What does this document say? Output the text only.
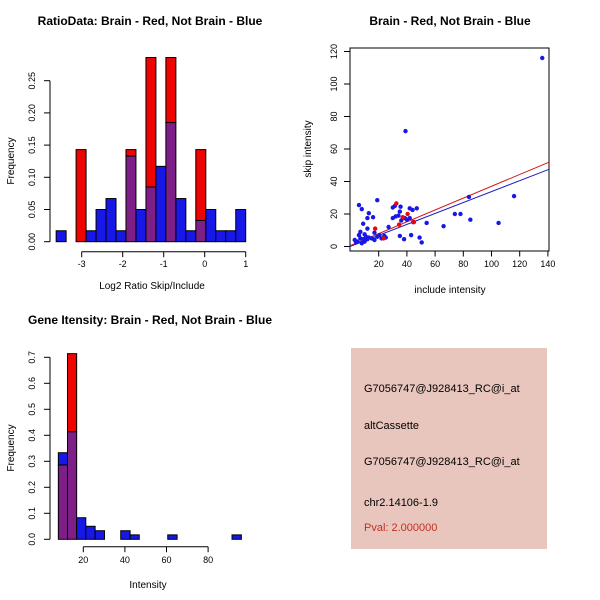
RatioData: Brain - Red, Not Brain - Blue
Frequency
Log2 Ratio Skip/Include
0.00
0.05
0.10
0.15
0.20
0.25
-3	-2	-1	0	1
Brain - Red, Not Brain - Blue
skip intensity
include intensity
0
20
40
60
80
100
120
20 40 60 80 100 120 140
Gene Itensity: Brain - Red, Not Brain - Blue
Frequency
Intensity
0.0
0.1
0.2
0.3
0.4
0.5
0.6
0.7
20	40	60	80
G7056747@J928413_RC@i_at
altCassette
G7056747@J928413_RC@i_at
chr2.14106-1.9
Pval: 2.000000
